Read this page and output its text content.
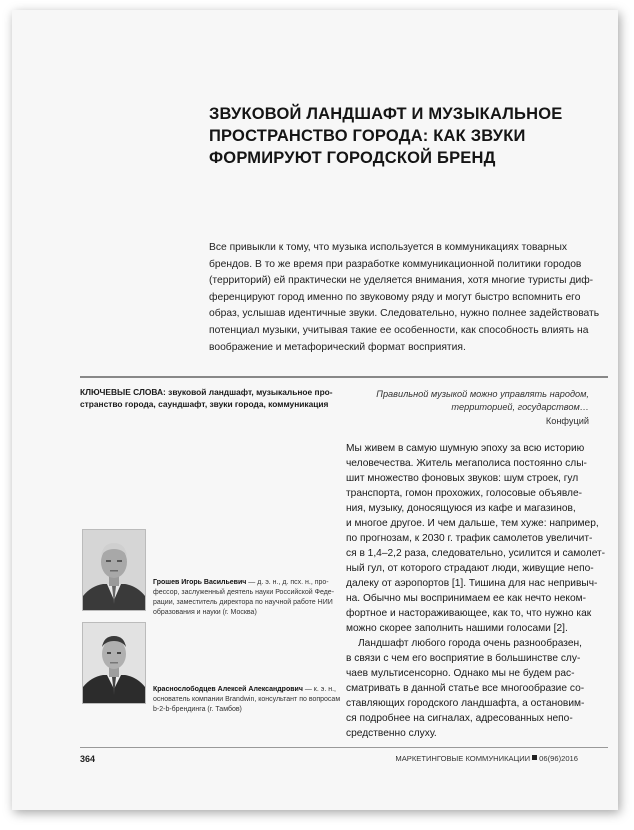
ЗВУКОВОЙ ЛАНДШАФТ И МУЗЫКАЛЬНОЕ
ПРОСТРАНСТВО ГОРОДА: КАК ЗВУКИ
ФОРМИРУЮТ ГОРОДСКОЙ БРЕНД
Все привыкли к тому, что музыка используется в коммуникациях товарных
брендов. В то же время при разработке коммуникационной политики городов
(территорий) ей практически не уделяется внимания, хотя многие туристы диф-
ференцируют город именно по звуковому ряду и могут быстро вспомнить его
образ, услышав идентичные звуки. Следовательно, нужно полнее задействовать
потенциал музыки, учитывая такие ее особенности, как способность влиять на
воображение и метафорический формат восприятия.
КЛЮЧЕВЫЕ СЛОВА: звуковой ландшафт, музыкальное про-
странство города, саундшафт, звуки города, коммуникация
Правильной музыкой можно управлять народом,
территорией, государством…
Конфуций
Мы живем в самую шумную эпоху за всю историю
человечества. Житель мегаполиса постоянно слы-
шит множество фоновых звуков: шум строек, гул
транспорта, гомон прохожих, голосовые объявле-
ния, музыку, доносящуюся из кафе и магазинов,
и многое другое. И чем дальше, тем хуже: например,
по прогнозам, к 2030 г. трафик самолетов увеличит-
ся в 1,4–2,2 раза, следовательно, усилится и самолет-
ный гул, от которого страдают люди, живущие непо-
далеку от аэропортов [1]. Тишина для нас непривыч-
на. Обычно мы воспринимаем ее как нечто неком-
фортное и настораживающее, как то, что нужно как
можно скорее заполнить нашими голосами [2].
Ландшафт любого города очень разнообразен,
в связи с чем его восприятие в большинстве слу-
чаев мультисенсорно. Однако мы не будем рас-
сматривать в данной статье все многообразие со-
ставляющих городского ландшафта, а остановим-
ся подробнее на сигналах, адресованных непо-
средственно слуху.
Грошев Игорь Васильевич — д. э. н., д. псх. н., про-
фессор, заслуженный деятель науки Российской Феде-
рации, заместитель директора по научной работе НИИ
образования и науки (г. Москва)
Краснослободцев Алексей Александрович — к. э. н.,
основатель компании Brandwin, консультант по вопросам
b-2-b-брендинга (г. Тамбов)
364	МАРКЕТИНГОВЫЕ КОММУНИКАЦИИ 06(96)2016
